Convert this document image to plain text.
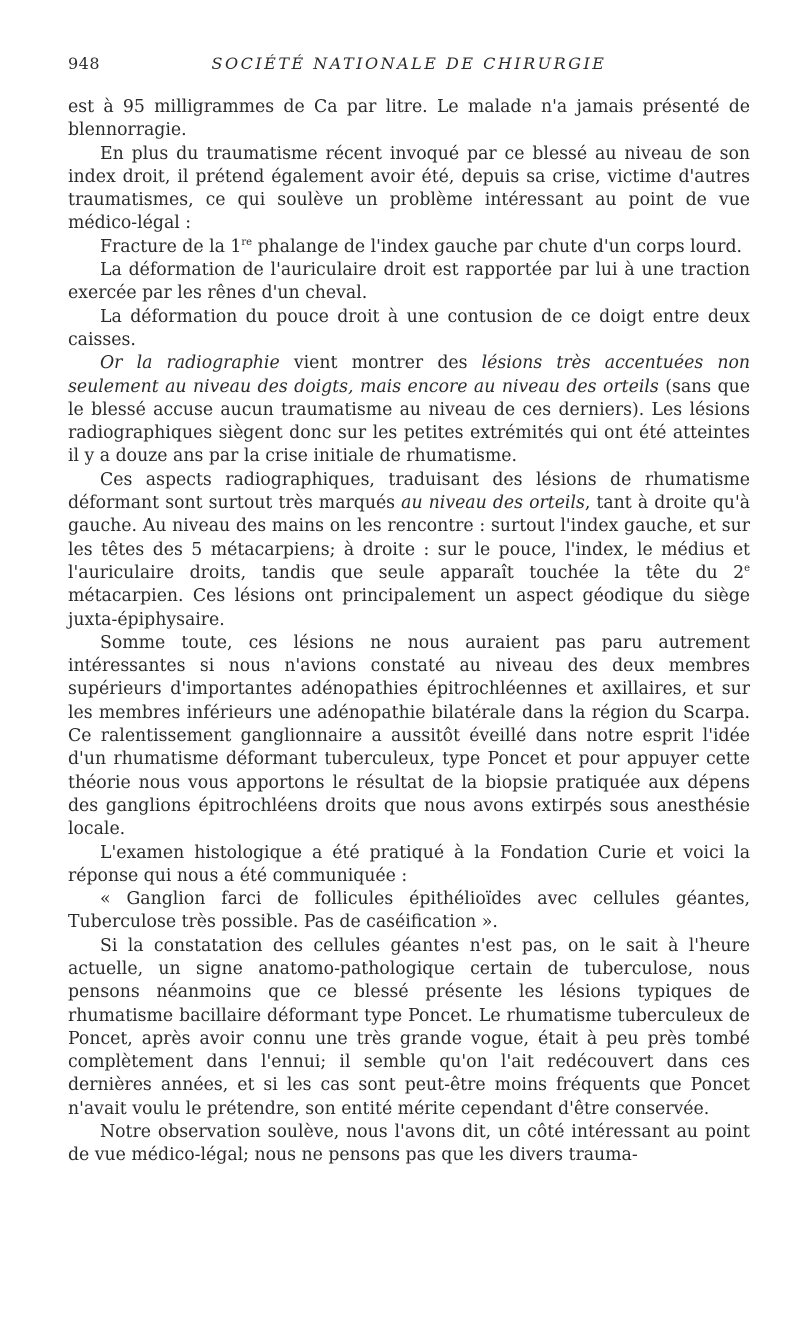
948	SOCIÉTÉ NATIONALE DE CHIRURGIE

est à 95 milligrammes de Ca par litre. Le malade n'a jamais présenté de blennorragie.

En plus du traumatisme récent invoqué par ce blessé au niveau de son index droit, il prétend également avoir été, depuis sa crise, victime d'autres traumatismes, ce qui soulève un problème intéressant au point de vue médico-légal :

Fracture de la 1re phalange de l'index gauche par chute d'un corps lourd.

La déformation de l'auriculaire droit est rapportée par lui à une traction exercée par les rênes d'un cheval.

La déformation du pouce droit à une contusion de ce doigt entre deux caisses.

Or la radiographie vient montrer des lésions très accentuées non seulement au niveau des doigts, mais encore au niveau des orteils (sans que le blessé accuse aucun traumatisme au niveau de ces derniers). Les lésions radiographiques siègent donc sur les petites extrémités qui ont été atteintes il y a douze ans par la crise initiale de rhumatisme.

Ces aspects radiographiques, traduisant des lésions de rhumatisme déformant sont surtout très marqués au niveau des orteils, tant à droite qu'à gauche. Au niveau des mains on les rencontre : surtout l'index gauche, et sur les têtes des 5 métacarpiens; à droite : sur le pouce, l'index, le médius et l'auriculaire droits, tandis que seule apparaît touchée la tête du 2e métacarpien. Ces lésions ont principalement un aspect géodique du siège juxta-épiphysaire.

Somme toute, ces lésions ne nous auraient pas paru autrement intéressantes si nous n'avions constaté au niveau des deux membres supérieurs d'importantes adénopathies épitrochléennes et axillaires, et sur les membres inférieurs une adénopathie bilatérale dans la région du Scarpa. Ce ralentissement ganglionnaire a aussitôt éveillé dans notre esprit l'idée d'un rhumatisme déformant tuberculeux, type Poncet et pour appuyer cette théorie nous vous apportons le résultat de la biopsie pratiquée aux dépens des ganglions épitrochléens droits que nous avons extirpés sous anesthésie locale.

L'examen histologique a été pratiqué à la Fondation Curie et voici la réponse qui nous a été communiquée :

« Ganglion farci de follicules épithélioïdes avec cellules géantes, Tuberculose très possible. Pas de caséification ».

Si la constatation des cellules géantes n'est pas, on le sait à l'heure actuelle, un signe anatomo-pathologique certain de tuberculose, nous pensons néanmoins que ce blessé présente les lésions typiques de rhumatisme bacillaire déformant type Poncet. Le rhumatisme tuberculeux de Poncet, après avoir connu une très grande vogue, était à peu près tombé complètement dans l'ennui; il semble qu'on l'ait redécouvert dans ces dernières années, et si les cas sont peut-être moins fréquents que Poncet n'avait voulu le prétendre, son entité mérite cependant d'être conservée.

Notre observation soulève, nous l'avons dit, un côté intéressant au point de vue médico-légal; nous ne pensons pas que les divers trauma-
